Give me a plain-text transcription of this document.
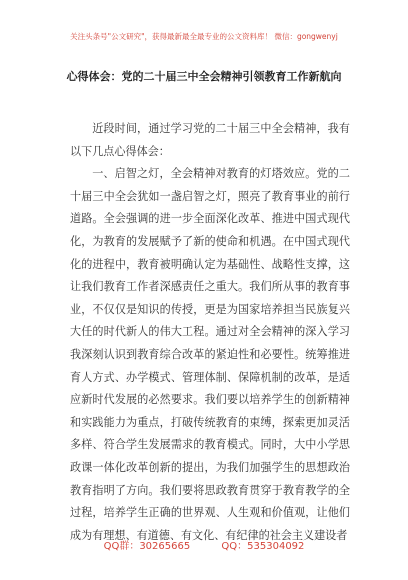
关注头条号"公文研究"，获得最新最全最专业的公文资料库！ 微信：gongwenyj
心得体会：党的二十届三中全会精神引领教育工作新航向

近段时间，通过学习党的二十届三中全会精神，我有以下几点心得体会：

一、启智之灯，全会精神对教育的灯塔效应。党的二十届三中全会犹如一盏启智之灯，照亮了教育事业的前行道路。全会强调的进一步全面深化改革、推进中国式现代化，为教育的发展赋予了新的使命和机遇。在中国式现代化的进程中，教育被明确认定为基础性、战略性支撑，这让我们教育工作者深感责任之重大。我们所从事的教育事业，不仅仅是知识的传授，更是为国家培养担当民族复兴大任的时代新人的伟大工程。通过对全会精神的深入学习我深刻认识到教育综合改革的紧迫性和必要性。统筹推进育人方式、办学模式、管理体制、保障机制的改革，是适应新时代发展的必然要求。我们要以培养学生的创新精神和实践能力为重点，打破传统教育的束缚，探索更加灵活多样、符合学生发展需求的教育模式。同时，大中小学思政课一体化改革创新的提出，为我们加强学生的思想政治教育指明了方向。我们要将思政教育贯穿于教育教学的全过程，培养学生正确的世界观、人生观和价值观，让他们成为有理想、有道德、有文化、有纪律的社会主义建设者

QQ群：30265665	QQ：535304092
